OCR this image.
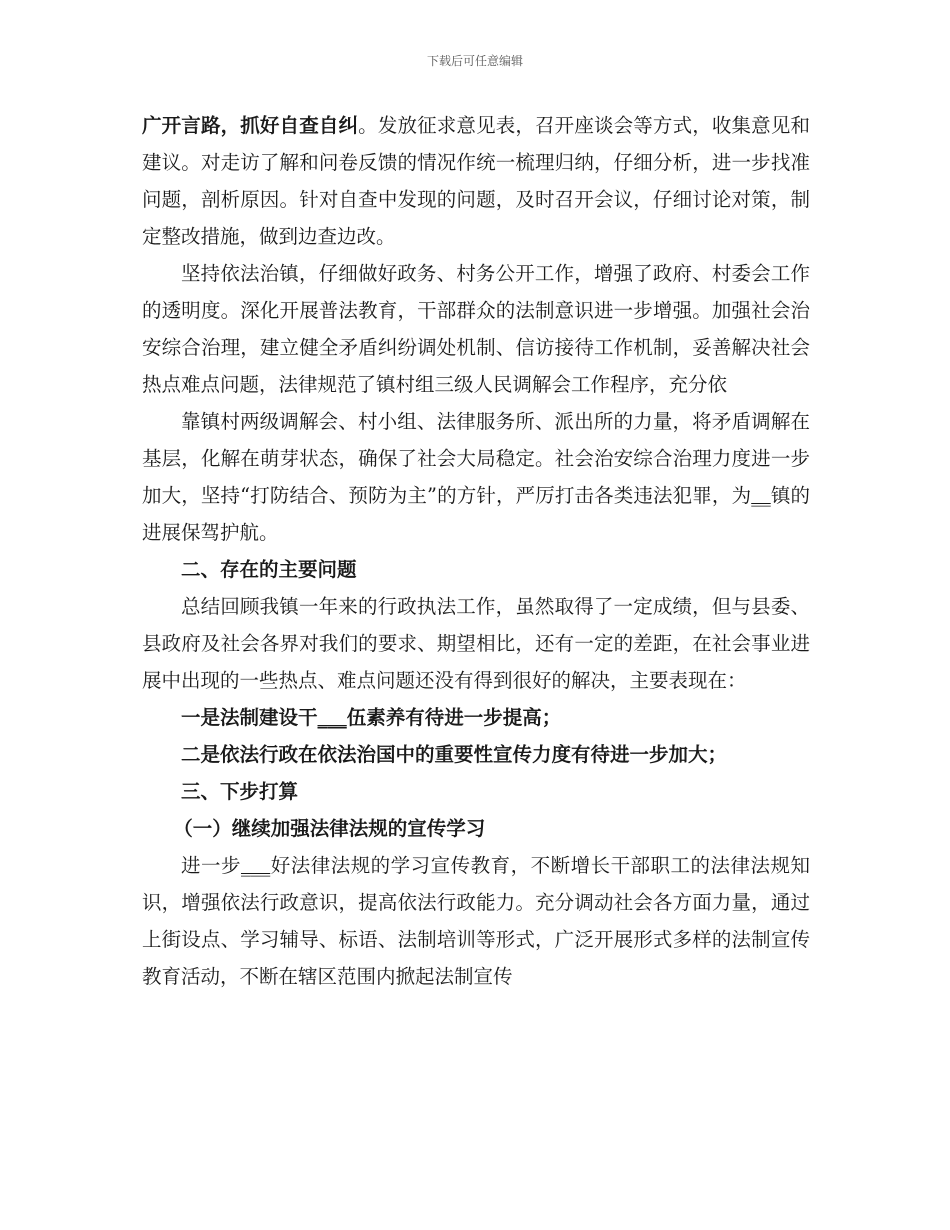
下载后可任意编辑

广开言路，抓好自查自纠。发放征求意见表，召开座谈会等方式，收集意见和建议。对走访了解和问卷反馈的情况作统一梳理归纳，仔细分析，进一步找准问题，剖析原因。针对自查中发现的问题，及时召开会议，仔细讨论对策，制定整改措施，做到边查边改。

坚持依法治镇，仔细做好政务、村务公开工作，增强了政府、村委会工作的透明度。深化开展普法教育，干部群众的法制意识进一步增强。加强社会治安综合治理，建立健全矛盾纠纷调处机制、信访接待工作机制，妥善解决社会热点难点问题，法律规范了镇村组三级人民调解会工作程序，充分依

靠镇村两级调解会、村小组、法律服务所、派出所的力量，将矛盾调解在基层，化解在萌芽状态，确保了社会大局稳定。社会治安综合治理力度进一步加大，坚持“打防结合、预防为主”的方针，严厉打击各类违法犯罪，为__镇的进展保驾护航。

二、存在的主要问题

总结回顾我镇一年来的行政执法工作，虽然取得了一定成绩，但与县委、县政府及社会各界对我们的要求、期望相比，还有一定的差距，在社会事业进展中出现的一些热点、难点问题还没有得到很好的解决，主要表现在：

一是法制建设干___伍素养有待进一步提高；

二是依法行政在依法治国中的重要性宣传力度有待进一步加大；

三、下步打算

（一）继续加强法律法规的宣传学习

进一步___好法律法规的学习宣传教育，不断增长干部职工的法律法规知识，增强依法行政意识，提高依法行政能力。充分调动社会各方面力量，通过上街设点、学习辅导、标语、法制培训等形式，广泛开展形式多样的法制宣传教育活动，不断在辖区范围内掀起法制宣传
